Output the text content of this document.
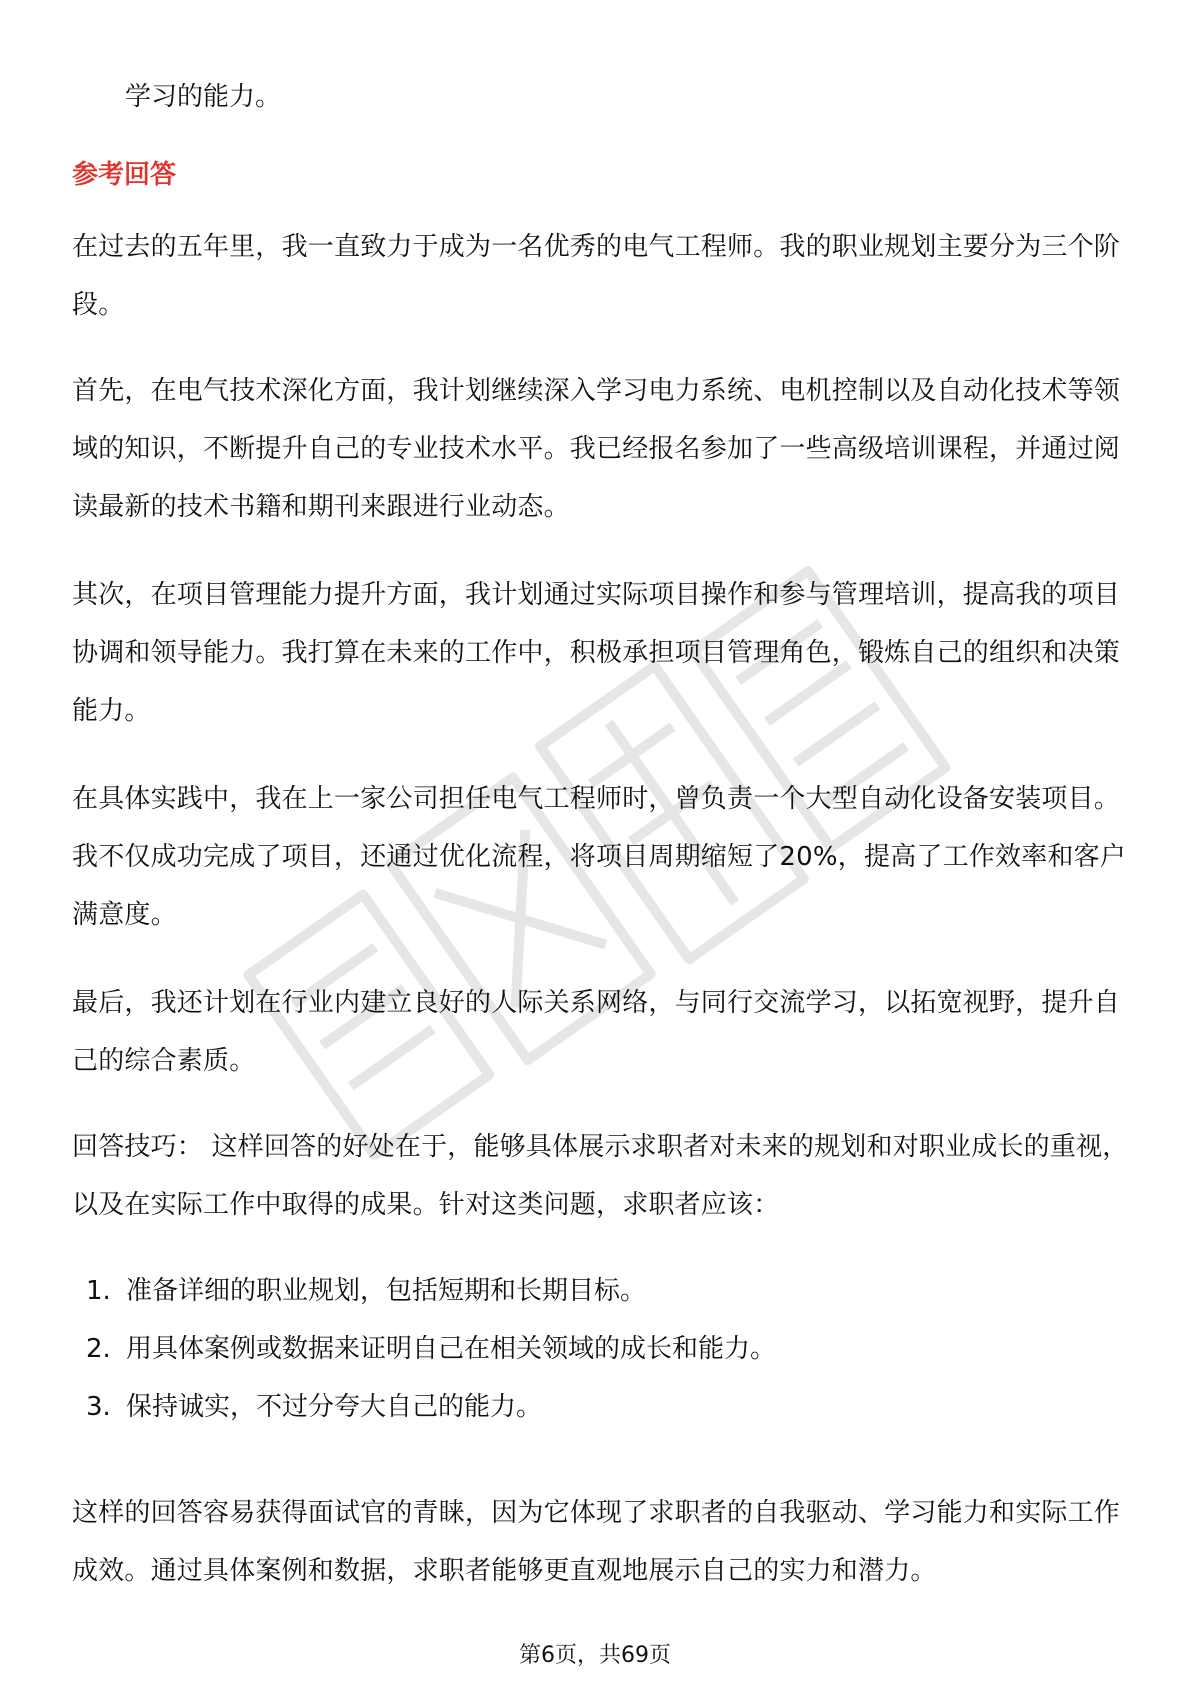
学习的能力。
参考回答
在过去的五年里，我一直致力于成为一名优秀的电气工程师。我的职业规划主要分为三个阶段。
首先，在电气技术深化方面，我计划继续深入学习电力系统、电机控制以及自动化技术等领域的知识，不断提升自己的专业技术水平。我已经报名参加了一些高级培训课程，并通过阅读最新的技术书籍和期刊来跟进行业动态。
其次，在项目管理能力提升方面，我计划通过实际项目操作和参与管理培训，提高我的项目协调和领导能力。我打算在未来的工作中，积极承担项目管理角色，锻炼自己的组织和决策能力。
在具体实践中，我在上一家公司担任电气工程师时，曾负责一个大型自动化设备安装项目。我不仅成功完成了项目，还通过优化流程，将项目周期缩短了20%，提高了工作效率和客户满意度。
最后，我还计划在行业内建立良好的人际关系网络，与同行交流学习，以拓宽视野，提升自己的综合素质。
回答技巧： 这样回答的好处在于，能够具体展示求职者对未来的规划和对职业成长的重视，以及在实际工作中取得的成果。针对这类问题，求职者应该：
1. 准备详细的职业规划，包括短期和长期目标。
2. 用具体案例或数据来证明自己在相关领域的成长和能力。
3. 保持诚实，不过分夸大自己的能力。
这样的回答容易获得面试官的青睐，因为它体现了求职者的自我驱动、学习能力和实际工作成效。通过具体案例和数据，求职者能够更直观地展示自己的实力和潜力。
第6页，共69页
